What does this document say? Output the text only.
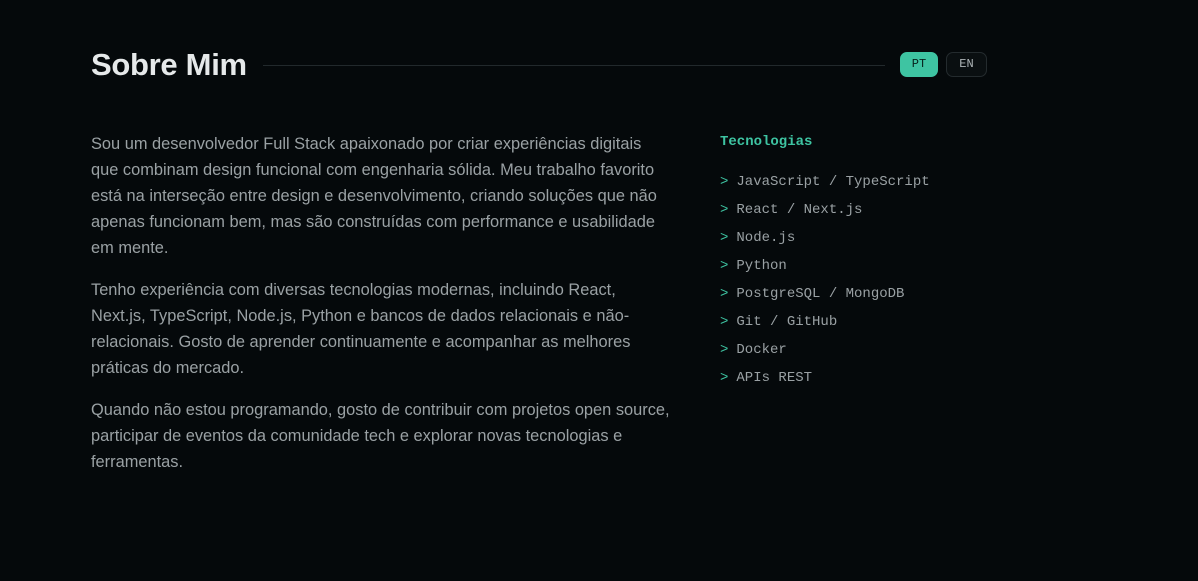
Sobre Mim	PT	EN

Sou um desenvolvedor Full Stack apaixonado por criar experiências digitais que combinam design funcional com engenharia sólida. Meu trabalho favorito está na interseção entre design e desenvolvimento, criando soluções que não apenas funcionam bem, mas são construídas com performance e usabilidade em mente.

Tenho experiência com diversas tecnologias modernas, incluindo React, Next.js, TypeScript, Node.js, Python e bancos de dados relacionais e não-relacionais. Gosto de aprender continuamente e acompanhar as melhores práticas do mercado.

Quando não estou programando, gosto de contribuir com projetos open source, participar de eventos da comunidade tech e explorar novas tecnologias e ferramentas.

Tecnologias
> JavaScript / TypeScript
> React / Next.js
> Node.js
> Python
> PostgreSQL / MongoDB
> Git / GitHub
> Docker
> APIs REST
